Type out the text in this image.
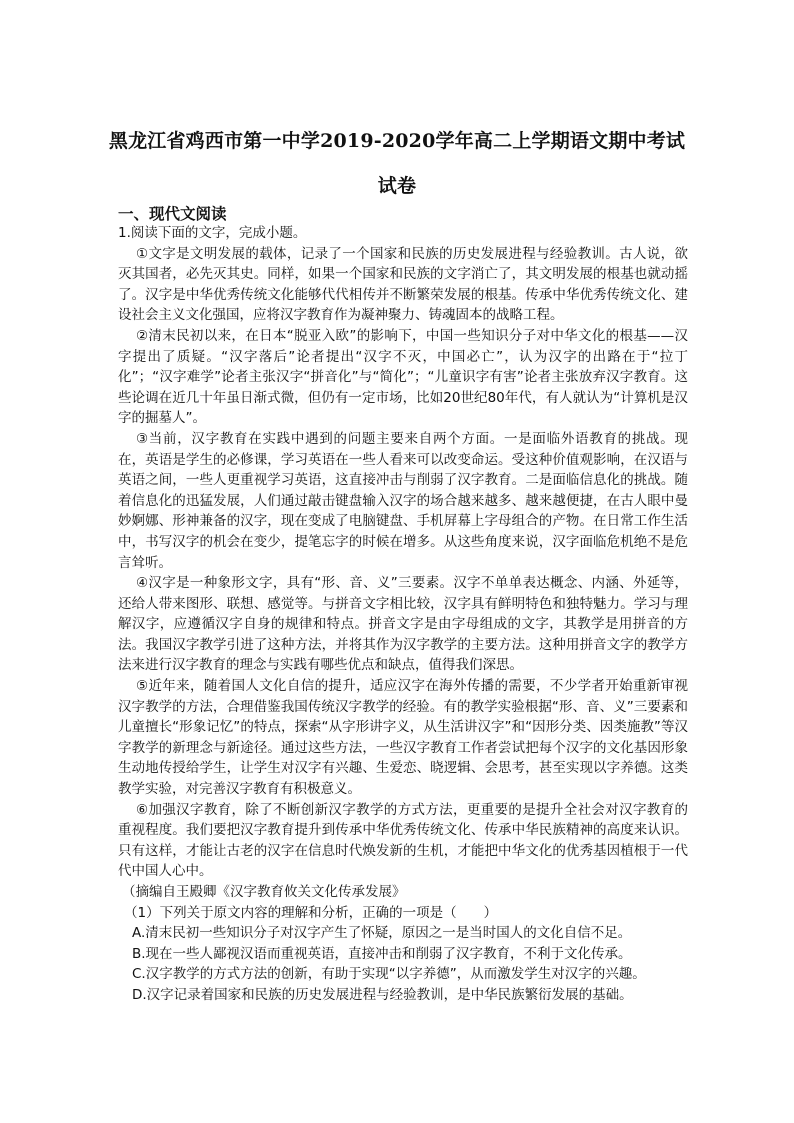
黑龙江省鸡西市第一中学2019-2020学年高二上学期语文期中考试
试卷
一、现代文阅读

1.阅读下面的文字，完成小题。

①文字是文明发展的载体，记录了一个国家和民族的历史发展进程与经验教训。古人说，欲灭其国者，必先灭其史。同样，如果一个国家和民族的文字消亡了，其文明发展的根基也就动摇了。汉字是中华优秀传统文化能够代代相传并不断繁荣发展的根基。传承中华优秀传统文化、建设社会主义文化强国，应将汉字教育作为凝神聚力、铸魂固本的战略工程。

②清末民初以来，在日本“脱亚入欧”的影响下，中国一些知识分子对中华文化的根基——汉字提出了质疑。“汉字落后”论者提出“汉字不灭，中国必亡”，认为汉字的出路在于“拉丁化”；“汉字难学”论者主张汉字“拼音化”与“简化”；“儿童识字有害”论者主张放弃汉字教育。这些论调在近几十年虽日渐式微，但仍有一定市场，比如20世纪80年代，有人就认为“计算机是汉字的掘墓人”。

③当前，汉字教育在实践中遇到的问题主要来自两个方面。一是面临外语教育的挑战。现在，英语是学生的必修课，学习英语在一些人看来可以改变命运。受这种价值观影响，在汉语与英语之间，一些人更重视学习英语，这直接冲击与削弱了汉字教育。二是面临信息化的挑战。随着信息化的迅猛发展，人们通过敲击键盘输入汉字的场合越来越多、越来越便捷，在古人眼中曼妙婀娜、形神兼备的汉字，现在变成了电脑键盘、手机屏幕上字母组合的产物。在日常工作生活中，书写汉字的机会在变少，提笔忘字的时候在增多。从这些角度来说，汉字面临危机绝不是危言耸听。

④汉字是一种象形文字，具有“形、音、义”三要素。汉字不单单表达概念、内涵、外延等，还给人带来图形、联想、感觉等。与拼音文字相比较，汉字具有鲜明特色和独特魅力。学习与理解汉字，应遵循汉字自身的规律和特点。拼音文字是由字母组成的文字，其教学是用拼音的方法。我国汉字教学引进了这种方法，并将其作为汉字教学的主要方法。这种用拼音文字的教学方法来进行汉字教育的理念与实践有哪些优点和缺点，值得我们深思。

⑤近年来，随着国人文化自信的提升，适应汉字在海外传播的需要，不少学者开始重新审视汉字教学的方法，合理借鉴我国传统汉字教学的经验。有的教学实验根据“形、音、义”三要素和儿童擅长“形象记忆”的特点，探索“从字形讲字义，从生活讲汉字”和“因形分类、因类施教”等汉字教学的新理念与新途径。通过这些方法，一些汉字教育工作者尝试把每个汉字的文化基因形象生动地传授给学生，让学生对汉字有兴趣、生爱恋、晓逻辑、会思考，甚至实现以字养德。这类教学实验，对完善汉字教育有积极意义。

⑥加强汉字教育，除了不断创新汉字教学的方式方法，更重要的是提升全社会对汉字教育的重视程度。我们要把汉字教育提升到传承中华优秀传统文化、传承中华民族精神的高度来认识。只有这样，才能让古老的汉字在信息时代焕发新的生机，才能把中华文化的优秀基因植根于一代代中国人心中。

（摘编自王殿卿《汉字教育攸关文化传承发展》

（1）下列关于原文内容的理解和分析，正确的一项是（　　）

A.清末民初一些知识分子对汉字产生了怀疑，原因之一是当时国人的文化自信不足。

B.现在一些人鄙视汉语而重视英语，直接冲击和削弱了汉字教育，不利于文化传承。

C.汉字教学的方式方法的创新，有助于实现“以字养德”，从而激发学生对汉字的兴趣。

D.汉字记录着国家和民族的历史发展进程与经验教训，是中华民族繁衍发展的基础。
